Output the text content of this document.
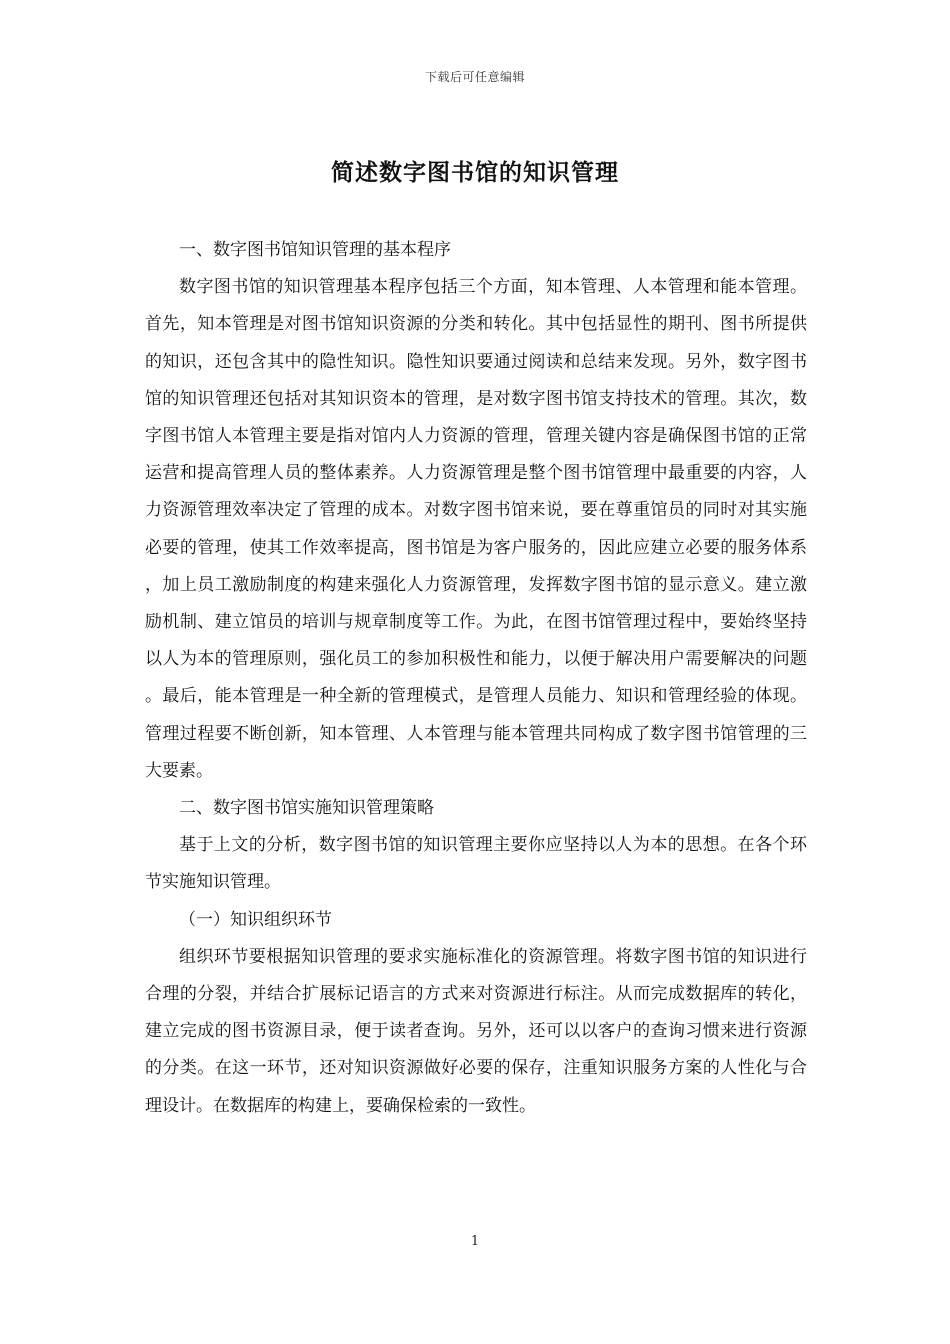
下载后可任意编辑
简述数字图书馆的知识管理

一、数字图书馆知识管理的基本程序

数字图书馆的知识管理基本程序包括三个方面，知本管理、人本管理和能本管理。首先，知本管理是对图书馆知识资源的分类和转化。其中包括显性的期刊、图书所提供的知识，还包含其中的隐性知识。隐性知识要通过阅读和总结来发现。另外，数字图书馆的知识管理还包括对其知识资本的管理，是对数字图书馆支持技术的管理。其次，数字图书馆人本管理主要是指对馆内人力资源的管理，管理关键内容是确保图书馆的正常运营和提高管理人员的整体素养。人力资源管理是整个图书馆管理中最重要的内容，人力资源管理效率决定了管理的成本。对数字图书馆来说，要在尊重馆员的同时对其实施必要的管理，使其工作效率提高，图书馆是为客户服务的，因此应建立必要的服务体系，加上员工激励制度的构建来强化人力资源管理，发挥数字图书馆的显示意义。建立激励机制、建立馆员的培训与规章制度等工作。为此，在图书馆管理过程中，要始终坚持以人为本的管理原则，强化员工的参加积极性和能力，以便于解决用户需要解决的问题。最后，能本管理是一种全新的管理模式，是管理人员能力、知识和管理经验的体现。管理过程要不断创新，知本管理、人本管理与能本管理共同构成了数字图书馆管理的三大要素。

二、数字图书馆实施知识管理策略

基于上文的分析，数字图书馆的知识管理主要你应坚持以人为本的思想。在各个环节实施知识管理。

（一）知识组织环节

组织环节要根据知识管理的要求实施标准化的资源管理。将数字图书馆的知识进行合理的分裂，并结合扩展标记语言的方式来对资源进行标注。从而完成数据库的转化，建立完成的图书资源目录，便于读者查询。另外，还可以以客户的查询习惯来进行资源的分类。在这一环节，还对知识资源做好必要的保存，注重知识服务方案的人性化与合理设计。在数据库的构建上，要确保检索的一致性。

1
